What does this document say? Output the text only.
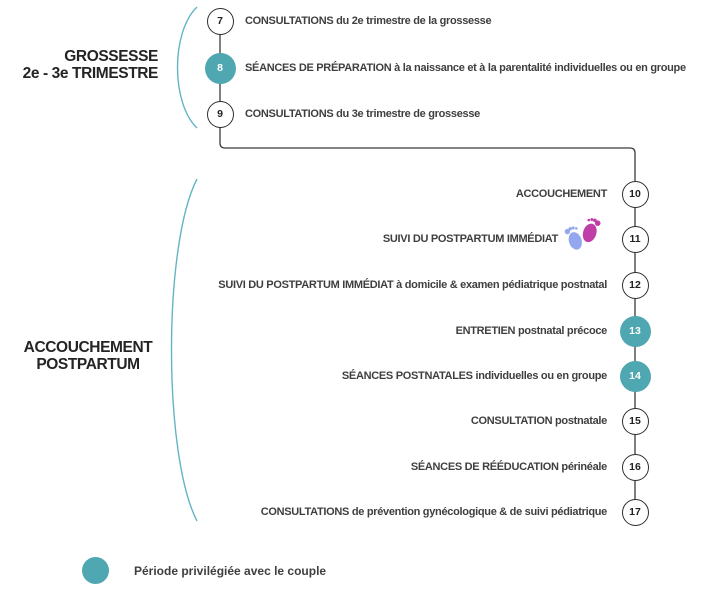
GROSSESSE
2e - 3e TRIMESTRE
ACCOUCHEMENT
POSTPARTUM
7
8
9
CONSULTATIONS du 2e trimestre de la grossesse
SÉANCES DE PRÉPARATION à la naissance et à la parentalité individuelles ou en groupe
CONSULTATIONS du 3e trimestre de grossesse
10
11
12
13
14
15
16
17
ACCOUCHEMENT
SUIVI DU POSTPARTUM IMMÉDIAT
SUIVI DU POSTPARTUM IMMÉDIAT à domicile & examen pédiatrique postnatal
ENTRETIEN postnatal précoce
SÉANCES POSTNATALES individuelles ou en groupe
CONSULTATION postnatale
SÉANCES DE RÉÉDUCATION périnéale
CONSULTATIONS de prévention gynécologique & de suivi pédiatrique
Période privilégiée avec le couple
